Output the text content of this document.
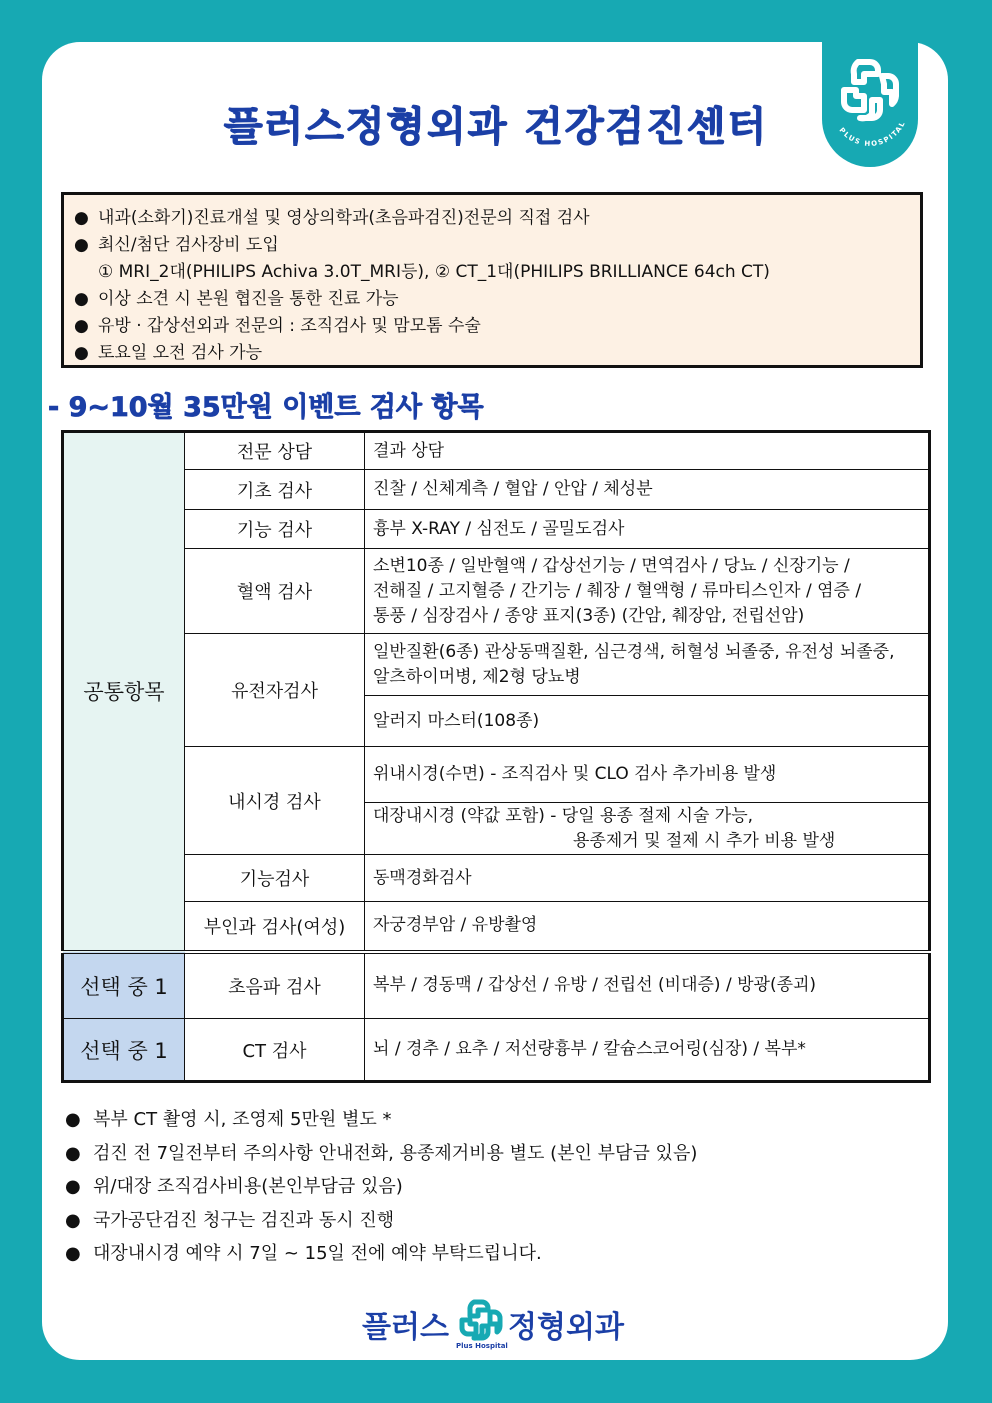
PLUS HOSPITAL
플러스정형외과 건강검진센터
● 내과(소화기)진료개설 및 영상의학과(초음파검진)전문의 직접 검사
● 최신/첨단 검사장비 도입
① MRI_2대(PHILIPS Achiva 3.0T_MRI등), ② CT_1대(PHILIPS BRILLIANCE 64ch CT)
● 이상 소견 시 본원 협진을 통한 진료 가능
● 유방 · 갑상선외과 전문의 : 조직검사 및 맘모톰 수술
● 토요일 오전 검사 가능
- 9~10월 35만원 이벤트 검사 항목
공통항목	전문 상담	결과 상담
	기초 검사	진찰 / 신체계측 / 혈압 / 안압 / 체성분
	기능 검사	흉부 X-RAY / 심전도 / 골밀도검사
	혈액 검사	소변10종 / 일반혈액 / 갑상선기능 / 면역검사 / 당뇨 / 신장기능 /
전해질 / 고지혈증 / 간기능 / 췌장 / 혈액형 / 류마티스인자 / 염증 /
통풍 / 심장검사 / 종양 표지(3종) (간암, 췌장암, 전립선암)

	유전자검사	일반질환(6종) 관상동맥질환, 심근경색, 허혈성 뇌졸중, 유전성 뇌졸중,
알츠하이머병, 제2형 당뇨병

		알러지 마스터(108종)
	내시경 검사	위내시경(수면) - 조직검사 및 CLO 검사 추가비용 발생

		대장내시경 (약값 포함) - 당일 용종 절제 시술 가능,
용종제거 및 절제 시 추가 비용 발생

	기능검사	동맥경화검사
	부인과 검사(여성)	자궁경부암 / 유방촬영
선택 중 1	초음파 검사	복부 / 경동맥 / 갑상선 / 유방 / 전립선 (비대증) / 방광(종괴)
선택 중 1	CT 검사	뇌 / 경추 / 요추 / 저선량흉부 / 칼슘스코어링(심장) / 복부*
● 복부 CT 촬영 시, 조영제 5만원 별도 *
● 검진 전 7일전부터 주의사항 안내전화, 용종제거비용 별도 (본인 부담금 있음)
● 위/대장 조직검사비용(본인부담금 있음)
● 국가공단검진 청구는 검진과 동시 진행
● 대장내시경 예약 시 7일 ~ 15일 전에 예약 부탁드립니다.
플러스 정형외과
Plus Hospital
